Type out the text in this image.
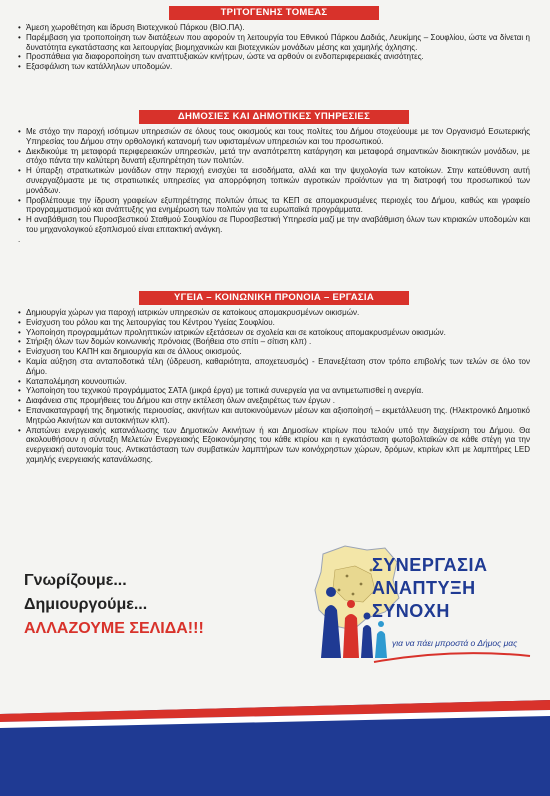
ΤΡΙΤΟΓΕΝΗΣ ΤΟΜΕΑΣ
• Άμεση χωροθέτηση και ίδρυση Βιοτεχνικού Πάρκου (ΒΙΟ.ΠΑ).
• Παρέμβαση για τροποποίηση των διατάξεων που αφορούν τη λειτουργία του Εθνικού Πάρκου Δαδιάς, Λευκίμης – Σουφλίου, ώστε να δίνεται η δυνατότητα εγκατάστασης και λειτουργίας βιομηχανικών και βιοτεχνικών μονάδων μέσης και χαμηλής όχλησης.
• Προσπάθεια για διαφοροποίηση των αναπτυξιακών κινήτρων, ώστε να αρθούν οι ενδοπεριφερειακές ανισότητες.
• Εξασφάλιση των κατάλληλων υποδομών.
ΔΗΜΟΣΙΕΣ ΚΑΙ ΔΗΜΟΤΙΚΕΣ ΥΠΗΡΕΣΙΕΣ
• Με στόχο την παροχή ισότιμων υπηρεσιών σε όλους τους οικισμούς και τους πολίτες του Δήμου στοχεύουμε με τον Οργανισμό Εσωτερικής Υπηρεσίας του Δήμου στην ορθολογική κατανομή των υφισταμένων υπηρεσιών και του προσωπικού.
• Διεκδικούμε τη μεταφορά περιφερειακών υπηρεσιών, μετά την αναπότρεπτη κατάργηση και μεταφορά σημαντικών διοικητικών μονάδων, με στόχο πάντα την καλύτερη δυνατή εξυπηρέτηση των πολιτών.
• Η ύπαρξη στρατιωτικών μονάδων στην περιοχή ενισχύει τα εισοδήματα, αλλά και την ψυχολογία των κατοίκων. Στην κατεύθυνση αυτή συνεργαζόμαστε με τις στρατιωτικές υπηρεσίες για απορρόφηση τοπικών αγροτικών προϊόντων για τη διατροφή του προσωπικού των μονάδων.
• Προβλέπουμε την ίδρυση γραφείων εξυπηρέτησης πολιτών όπως τα ΚΕΠ σε απομακρυσμένες περιοχές του Δήμου, καθώς και γραφείο προγραμματισμού και ανάπτυξης για ενημέρωση των πολιτών για τα ευρωπαϊκά προγράμματα.
• Η αναβάθμιση του Πυροσβεστικού Σταθμού Σουφλίου σε Πυροσβεστική Υπηρεσία μαζί με την αναβάθμιση όλων των κτιριακών υποδομών και του μηχανολογικού εξοπλισμού είναι επιτακτική ανάγκη.
.
ΥΓΕΙΑ – ΚΟΙΝΩΝΙΚΗ ΠΡΟΝΟΙΑ – ΕΡΓΑΣΙΑ
• Δημιουργία χώρων για παροχή ιατρικών υπηρεσιών σε κατοίκους απομακρυσμένων οικισμών.
• Ενίσχυση του ρόλου και της λειτουργίας του Κέντρου Υγείας Σουφλίου.
• Υλοποίηση προγραμμάτων προληπτικών ιατρικών εξετάσεων σε σχολεία και σε κατοίκους απομακρυσμένων οικισμών.
• Στήριξη όλων των δομών κοινωνικής πρόνοιας (Βοήθεια στο σπίτι – σίτιση κλπ) .
• Ενίσχυση του ΚΑΠΗ και δημιουργία και σε άλλους οικισμούς.
• Καμία αύξηση στα ανταποδοτικά τέλη (ύδρευση, καθαριότητα, αποχετευσμός) - Επανεξέταση στον τρόπο επιβολής των τελών σε όλο τον Δήμο.
• Καταπολέμηση κουνουπιών.
• Υλοποίηση του τεχνικού προγράμματος ΣΑΤΑ (μικρά έργα) με τοπικά συνεργεία για να αντιμετωπισθεί η ανεργία.
• Διαφάνεια στις προμήθειες του Δήμου και στην εκτέλεση όλων ανεξαιρέτως των έργων .
• Επανακαταγραφή της δημοτικής περιουσίας, ακινήτων και αυτοκινούμενων μέσων και αξιοποίησή – εκμετάλλευση της. (Ηλεκτρονικό Δημοτικό Μητρώο Ακινήτων και αυτοκινήτων κλπ).
• Απατώνει ενεργειακής κατανάλωσης των Δημοτικών Ακινήτων ή και Δημοσίων κτιρίων που τελούν υπό την διαχείριση του Δήμου. Θα ακολουθήσουν η σύνταξη Μελετών Ενεργειακής Εξοικονόμησης του κάθε κτιρίου και η εγκατάσταση φωτοβολταϊκών σε κάθε στέγη για την ενεργειακή αυτονομία τους. Αντικατάσταση των συμβατικών λαμπτήρων των κοινόχρηστων χώρων, δρόμων, κτιρίων κλπ με λαμπτήρες LED χαμηλής ενεργειακής κατανάλωσης.
Γνωρίζουμε...
Δημιουργούμε...
ΑΛΛΑΖΟΥΜΕ ΣΕΛΙΔΑ!!!
ΣΥΝΕΡΓΑΣΙΑ
ΑΝΑΠΤΥΞΗ
ΣΥΝΟΧΗ
για να πάει μπροστά ο Δήμος μας
